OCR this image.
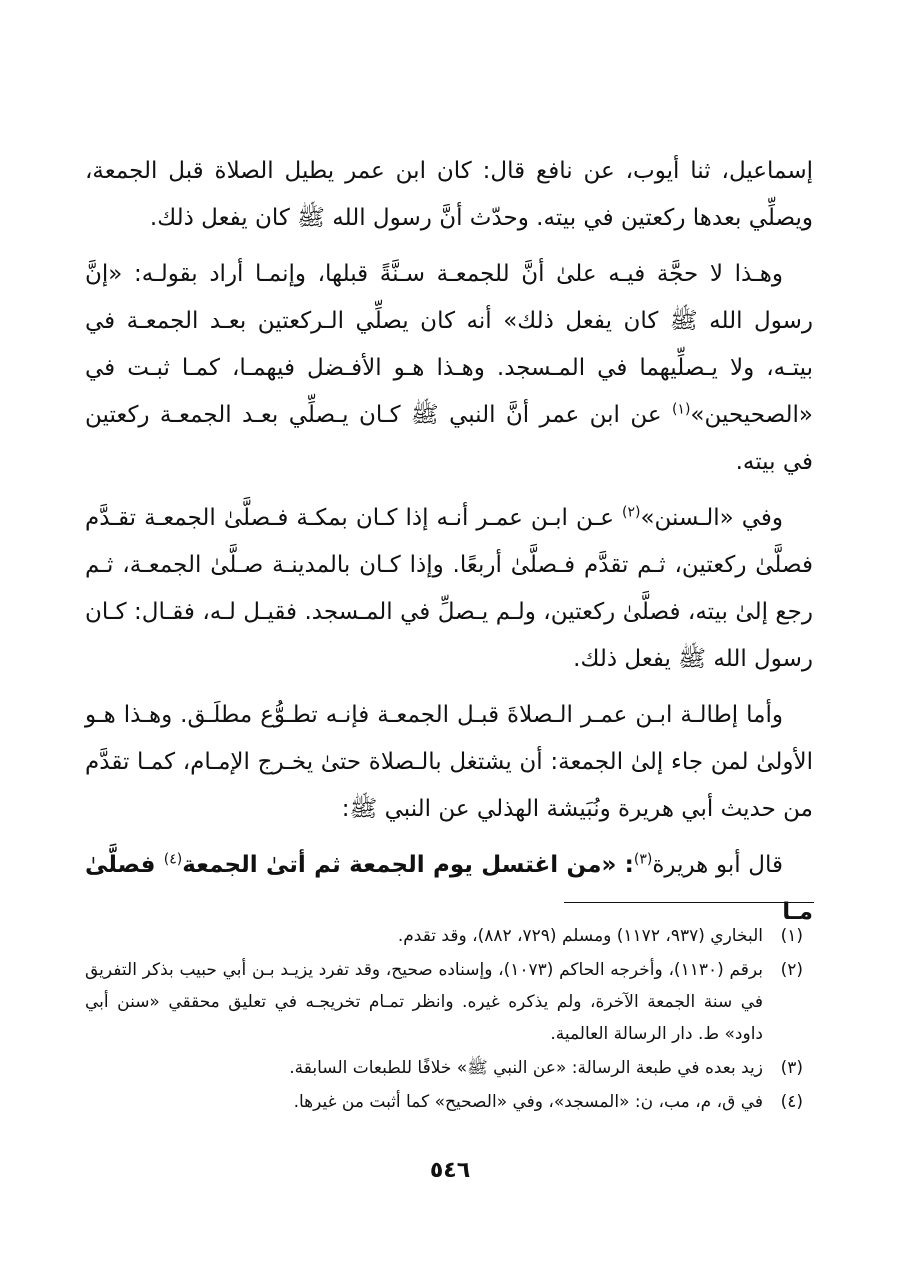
إسماعيل، ثنا أيوب، عن نافع قال: كان ابن عمر يطيل الصلاة قبل الجمعة، ويصلِّي بعدها ركعتين في بيته. وحدّث أنَّ رسول الله ﷺ كان يفعل ذلك.

وهـذا لا حجَّة فيـه علىٰ أنَّ للجمعـة سـنَّةً قبلها، وإنمـا أراد بقولـه: «إنَّ رسول الله ﷺ كان يفعل ذلك» أنه كان يصلِّي الـركعتين بعـد الجمعـة في بيتـه، ولا يـصلِّيهما في المـسجد. وهـذا هـو الأفـضل فيهمـا، كمـا ثبـت في «الصحيحين»$^{(١)}$ عن ابن عمر أنَّ النبي ﷺ كـان يـصلِّي بعـد الجمعـة ركعتين في بيته.

وفي «الـسنن»$^{(٢)}$ عـن ابـن عمـر أنـه إذا كـان بمكـة فـصلَّىٰ الجمعـة تقـدَّم فصلَّىٰ ركعتين، ثـم تقدَّم فـصلَّىٰ أربعًا. وإذا كـان بالمدينـة صـلَّىٰ الجمعـة، ثـم رجع إلىٰ بيته، فصلَّىٰ ركعتين، ولـم يـصلِّ في المـسجد. فقيـل لـه، فقـال: كـان رسول الله ﷺ يفعل ذلك.

وأما إطالـة ابـن عمـر الـصلاةَ قبـل الجمعـة فإنـه تطـوُّع مطلَـق. وهـذا هـو الأولىٰ لمن جاء إلىٰ الجمعة: أن يشتغل بالـصلاة حتىٰ يخـرج الإمـام، كمـا تقدَّم من حديث أبي هريرة ونُبَيشة الهذلي عن النبي ﷺ:

قال أبو هريرة$^{(٣)}$: «من اغتسل يوم الجمعة ثم أتىٰ الجمعة$^{(٤)}$ فصلَّىٰ مـا

(١)
البخاري (٩٣٧، ١١٧٢) ومسلم (٧٢٩، ٨٨٢)، وقد تقدم.
(٢)
برقم (١١٣٠)، وأخرجه الحاكم (١٠٧٣)، وإسناده صحيح، وقد تفرد يزيـد بـن أبي حبيب بذكر التفريق في سنة الجمعة الآخرة، ولم يذكره غيره. وانظر تمـام تخريجـه في تعليق محققي «سنن أبي داود» ط. دار الرسالة العالمية.
(٣)
زيد بعده في طبعة الرسالة: «عن النبي ﷺ» خلافًا للطبعات السابقة.
(٤)
في ق، م، مب، ن: «المسجد»، وفي «الصحيح» كما أثبت من غيرها.
٥٤٦
